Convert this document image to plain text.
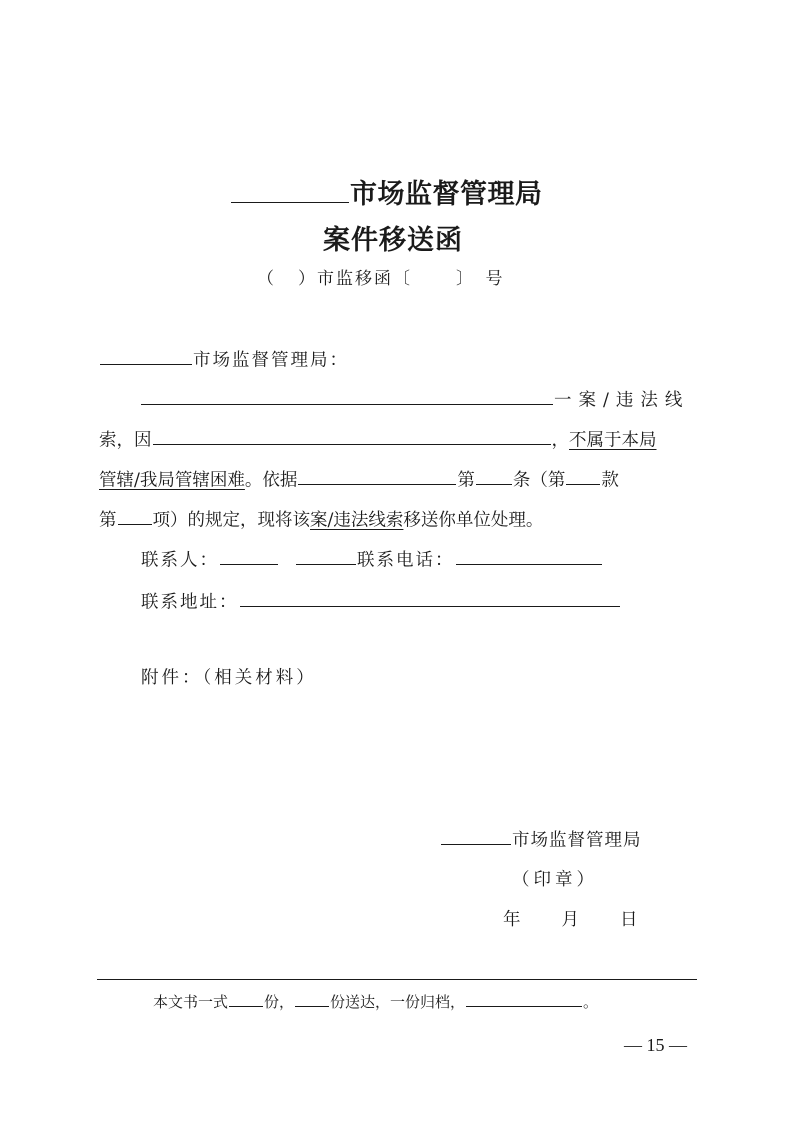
市场监督管理局
案件移送函
（ ）市监移函〔	〕　号
市场监督管理局：
一案/违法线
索，因	，不属于本局
管辖/我局管辖困难。依据	第 条（第 款
第 项）的规定，现将该案/违法线索移送你单位处理。
联系人：	联系电话：
联系地址：
附件：（相关材料）
市场监督管理局
（印章）
年　　月　　日
本文书一式 份， 份送达，一份归档，	。
— 15 —
